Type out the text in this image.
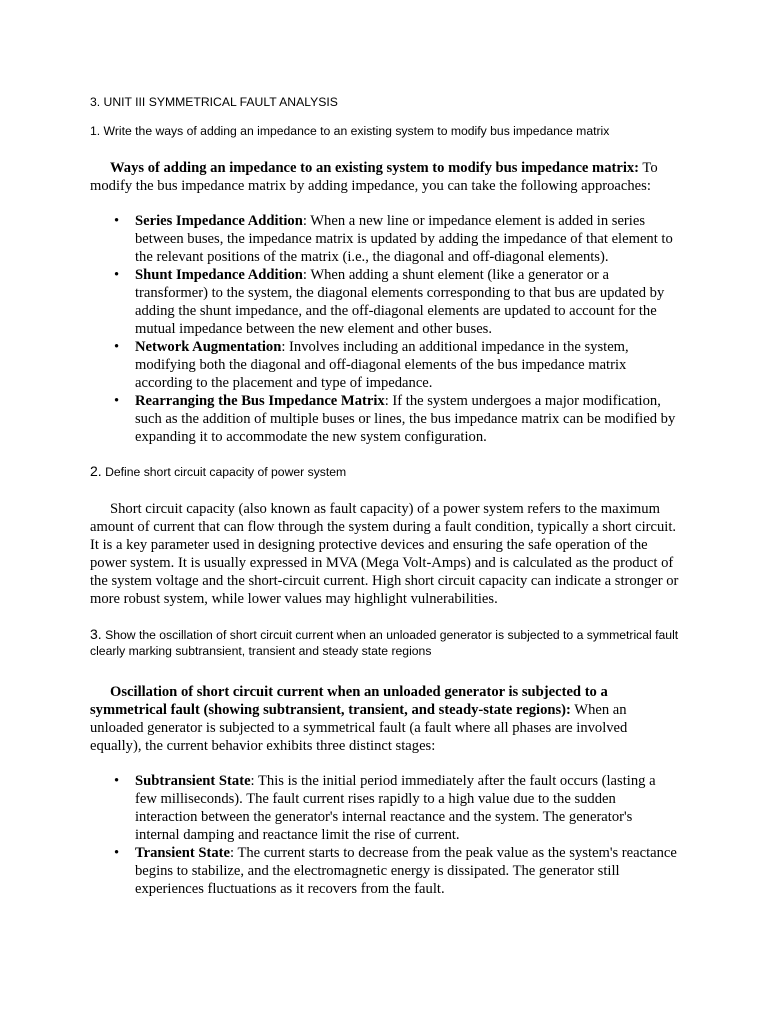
3. UNIT III SYMMETRICAL FAULT ANALYSIS

1. Write the ways of adding an impedance to an existing system to modify bus impedance matrix

Ways of adding an impedance to an existing system to modify bus impedance matrix: To modify the bus impedance matrix by adding impedance, you can take the following approaches:

• Series Impedance Addition: When a new line or impedance element is added in series between buses, the impedance matrix is updated by adding the impedance of that element to the relevant positions of the matrix (i.e., the diagonal and off-diagonal elements).
• Shunt Impedance Addition: When adding a shunt element (like a generator or a transformer) to the system, the diagonal elements corresponding to that bus are updated by adding the shunt impedance, and the off-diagonal elements are updated to account for the mutual impedance between the new element and other buses.
• Network Augmentation: Involves including an additional impedance in the system, modifying both the diagonal and off-diagonal elements of the bus impedance matrix according to the placement and type of impedance.
• Rearranging the Bus Impedance Matrix: If the system undergoes a major modification, such as the addition of multiple buses or lines, the bus impedance matrix can be modified by expanding it to accommodate the new system configuration.

2. Define short circuit capacity of power system

Short circuit capacity (also known as fault capacity) of a power system refers to the maximum amount of current that can flow through the system during a fault condition, typically a short circuit. It is a key parameter used in designing protective devices and ensuring the safe operation of the power system. It is usually expressed in MVA (Mega Volt-Amps) and is calculated as the product of the system voltage and the short-circuit current. High short circuit capacity can indicate a stronger or more robust system, while lower values may highlight vulnerabilities.

3. Show the oscillation of short circuit current when an unloaded generator is subjected to a symmetrical fault clearly marking subtransient, transient and steady state regions

Oscillation of short circuit current when an unloaded generator is subjected to a symmetrical fault (showing subtransient, transient, and steady-state regions): When an unloaded generator is subjected to a symmetrical fault (a fault where all phases are involved equally), the current behavior exhibits three distinct stages:

• Subtransient State: This is the initial period immediately after the fault occurs (lasting a few milliseconds). The fault current rises rapidly to a high value due to the sudden interaction between the generator's internal reactance and the system. The generator's internal damping and reactance limit the rise of current.
• Transient State: The current starts to decrease from the peak value as the system's reactance begins to stabilize, and the electromagnetic energy is dissipated. The generator still experiences fluctuations as it recovers from the fault.
